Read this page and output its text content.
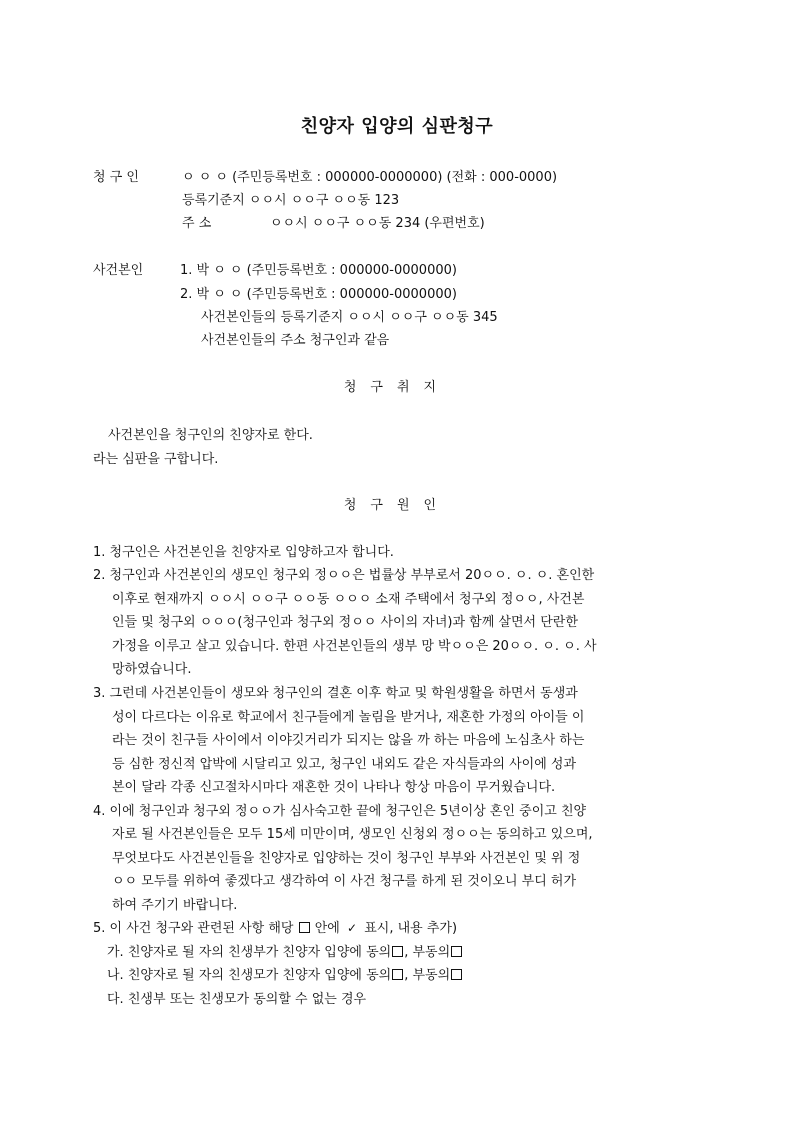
친양자 입양의 심판청구
청 구 인	ㅇ ㅇ ㅇ (주민등록번호 : 000000-0000000) (전화 : 000-0000)
등록기준지 ㅇㅇ시 ㅇㅇ구 ㅇㅇ동 123
주 소	ㅇㅇ시 ㅇㅇ구 ㅇㅇ동 234 (우편번호)
사건본인	1. 박 ㅇ ㅇ (주민등록번호 : 000000-0000000)
2. 박 ㅇ ㅇ (주민등록번호 : 000000-0000000)
사건본인들의 등록기준지 ㅇㅇ시 ㅇㅇ구 ㅇㅇ동 345
사건본인들의 주소 청구인과 같음
청구취지
사건본인을 청구인의 친양자로 한다.
라는 심판을 구합니다.
청구원인
1. 청구인은 사건본인을 친양자로 입양하고자 합니다.
2. 청구인과 사건본인의 생모인 청구외 정ㅇㅇ은 법률상 부부로서 20ㅇㅇ. ㅇ. ㅇ. 혼인한
이후로 현재까지 ㅇㅇ시 ㅇㅇ구 ㅇㅇ동 ㅇㅇㅇ 소재 주택에서 청구외 정ㅇㅇ, 사건본
인들 및 청구외 ㅇㅇㅇ(청구인과 청구외 정ㅇㅇ 사이의 자녀)과 함께 살면서 단란한
가정을 이루고 살고 있습니다. 한편 사건본인들의 생부 망 박ㅇㅇ은 20ㅇㅇ. ㅇ. ㅇ. 사
망하였습니다.
3. 그런데 사건본인들이 생모와 청구인의 결혼 이후 학교 및 학원생활을 하면서 동생과
성이 다르다는 이유로 학교에서 친구들에게 놀림을 받거나, 재혼한 가정의 아이들 이
라는 것이 친구들 사이에서 이야깃거리가 되지는 않을 까 하는 마음에 노심초사 하는
등 심한 정신적 압박에 시달리고 있고, 청구인 내외도 같은 자식들과의 사이에 성과
본이 달라 각종 신고절차시마다 재혼한 것이 나타나 항상 마음이 무거웠습니다.
4. 이에 청구인과 청구외 정ㅇㅇ가 심사숙고한 끝에 청구인은 5년이상 혼인 중이고 친양
자로 될 사건본인들은 모두 15세 미만이며, 생모인 신청외 정ㅇㅇ는 동의하고 있으며,
무엇보다도 사건본인들을 친양자로 입양하는 것이 청구인 부부와 사건본인 및 위 정
ㅇㅇ 모두를 위하여 좋겠다고 생각하여 이 사건 청구를 하게 된 것이오니 부디 허가
하여 주기기 바랍니다.
5. 이 사건 청구와 관련된 사항 해당 안에 ✓ 표시, 내용 추가)
가. 친양자로 될 자의 친생부가 친양자 입양에 동의 , 부동의
나. 친양자로 될 자의 친생모가 친양자 입양에 동의 , 부동의
다. 친생부 또는 친생모가 동의할 수 없는 경우
